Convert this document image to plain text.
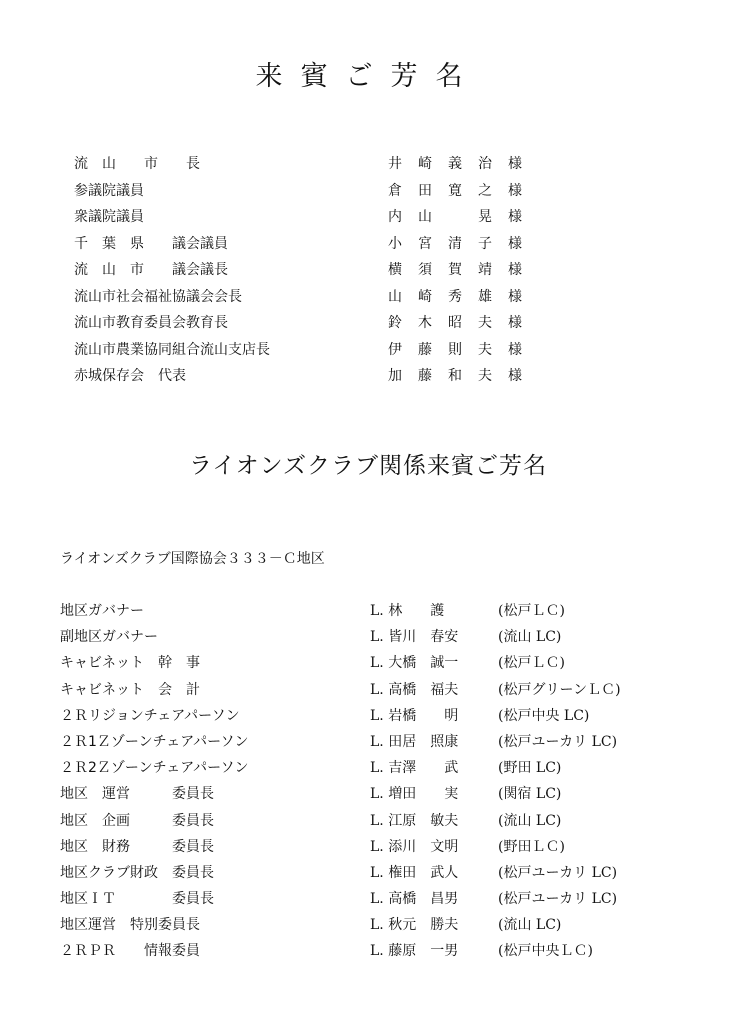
来賓ご芳名
流　山　　市　　長	井崎義治様
参議院議員	倉田寛之様
衆議院議員	内山　晃様
千　葉　県　　議会議員	小宮清子様
流　山　市　　議会議長	横須賀靖様
流山市社会福祉協議会会長	山崎秀雄様
流山市教育委員会教育長	鈴木昭夫様
流山市農業協同組合流山支店長	伊藤則夫様
赤城保存会　代表	加藤和夫様
ライオンズクラブ関係来賓ご芳名
ライオンズクラブ国際協会３３３－Ｃ地区
地区ガバナー	L. 林　　護	(松戸ＬＣ)
副地区ガバナー	L. 皆川　春安	(流山 LC)
キャビネット　幹　事	L. 大橋　誠一	(松戸ＬＣ)
キャビネット　会　計	L. 高橋　福夫	(松戸グリーンＬＣ)
２Ｒリジョンチェアパーソン	L. 岩橋　　明	(松戸中央 LC)
２Ｒ1Ｚゾーンチェアパーソン	L. 田居　照康	(松戸ユーカリ LC)
２Ｒ2Ｚゾーンチェアパーソン	L. 吉澤　　武	(野田 LC)
地区　運営　　　委員長	L. 増田　　実	(関宿 LC)
地区　企画　　　委員長	L. 江原　敏夫	(流山 LC)
地区　財務　　　委員長	L. 添川　文明	(野田ＬＣ)
地区クラブ財政　委員長	L. 権田　武人	(松戸ユーカリ LC)
地区ＩＴ　　　　委員長	L. 高橋　昌男	(松戸ユーカリ LC)
地区運営　特別委員長	L. 秋元　勝夫	(流山 LC)
２ＲＰＲ　　情報委員	L. 藤原　一男	(松戸中央ＬＣ)
